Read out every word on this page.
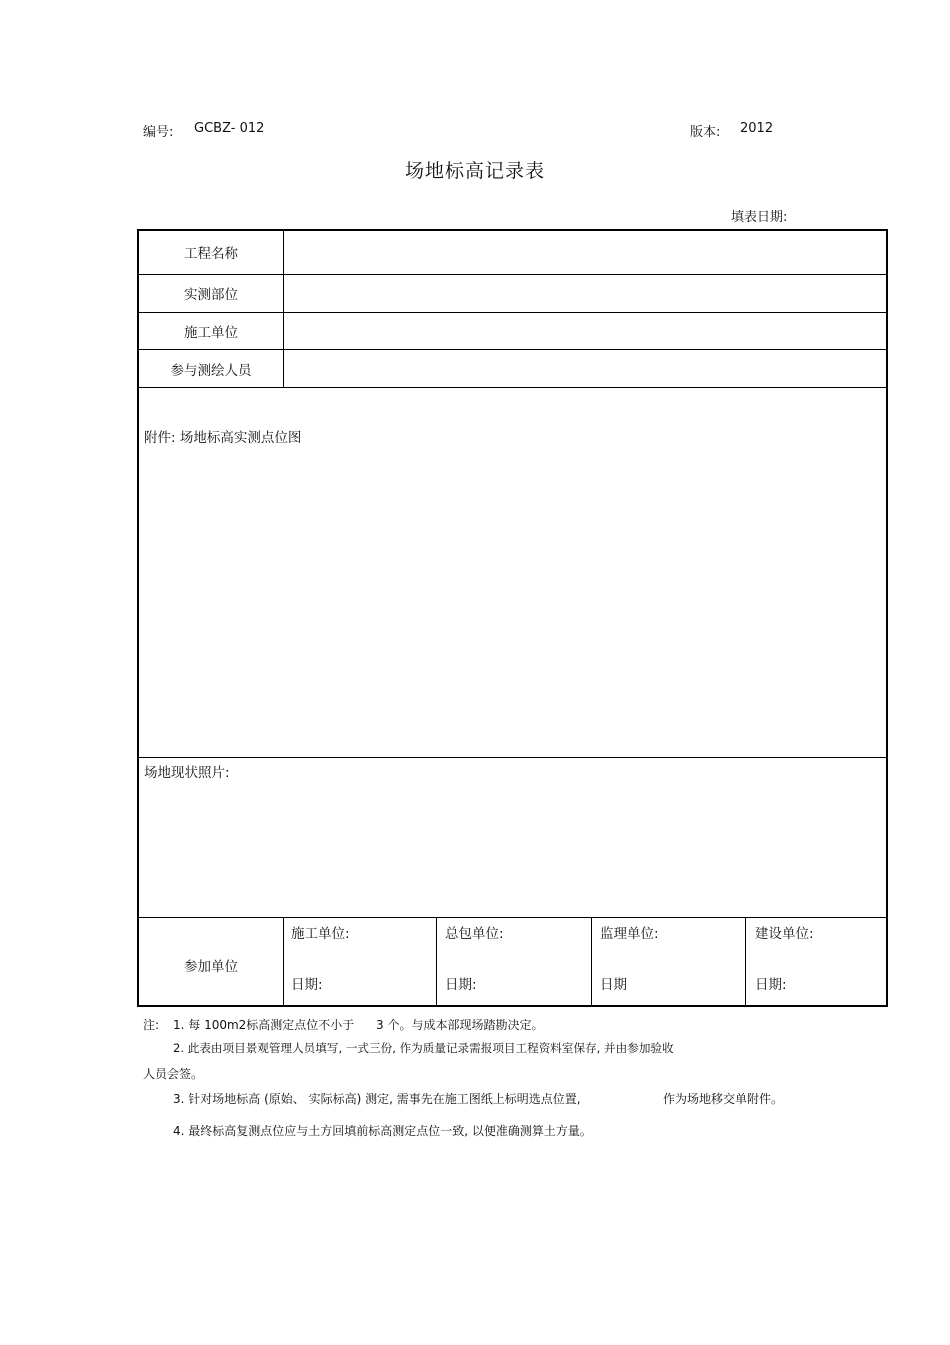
编号: GCBZ- 012	版本: 2012
场地标高记录表
填表日期:
工程名称
实测部位
施工单位
参与测绘人员
附件: 场地标高实测点位图
场地现状照片:
参加单位
施工单位:
日期:
总包单位:
日期:
监理单位:
日期
建设单位:
日期:
注: 1. 每 100m2标高测定点位不小于 3 个。与成本部现场踏勘决定。
2. 此表由项目景观管理人员填写, 一式三份, 作为质量记录需报项目工程资料室保存, 并由参加验收
人员会签。
3. 针对场地标高 (原始、 实际标高) 测定, 需事先在施工图纸上标明选点位置,	作为场地移交单附件。
4. 最终标高复测点位应与土方回填前标高测定点位一致, 以便准确测算土方量。
